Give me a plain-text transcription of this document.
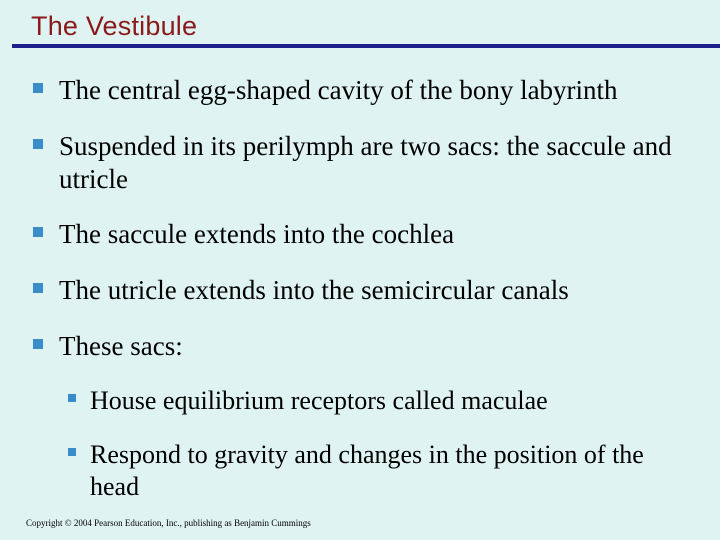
The Vestibule
The central egg-shaped cavity of the bony labyrinth
Suspended in its perilymph are two sacs: the saccule and utricle
The saccule extends into the cochlea
The utricle extends into the semicircular canals
These sacs:
House equilibrium receptors called maculae
Respond to gravity and changes in the position of the head
Copyright © 2004 Pearson Education, Inc., publishing as Benjamin Cummings
